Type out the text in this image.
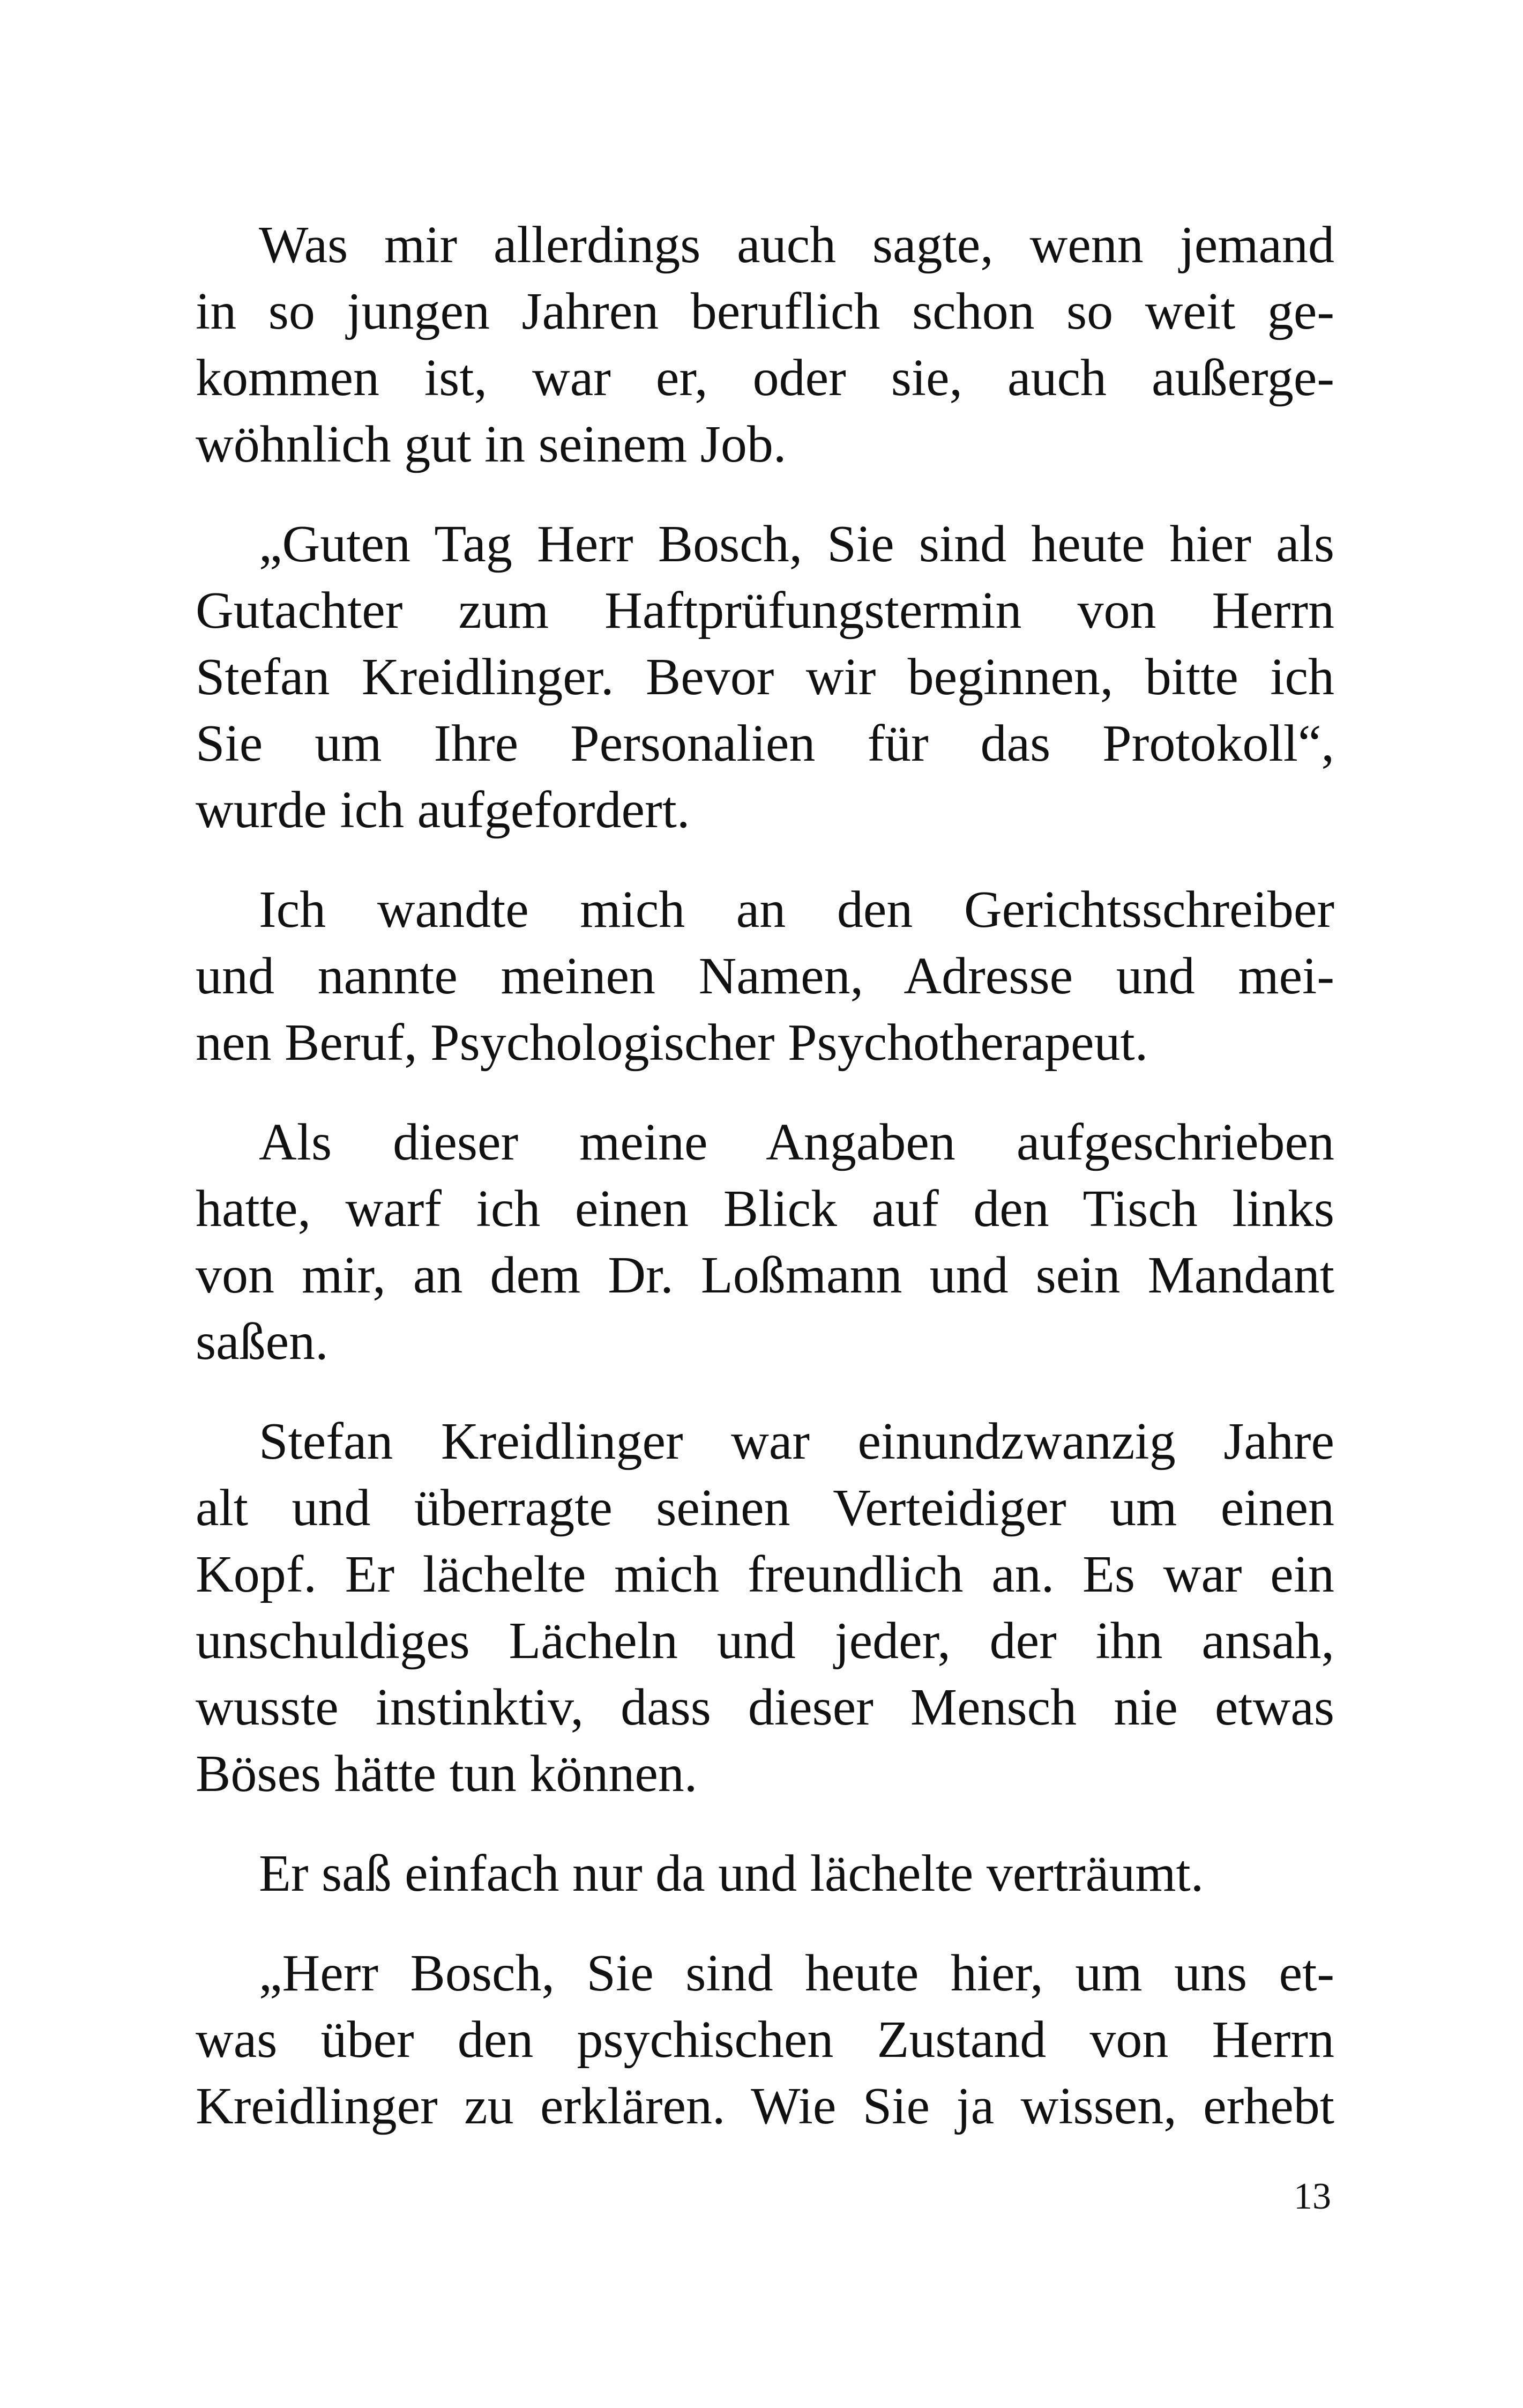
Was mir allerdings auch sagte, wenn jemand
in so jungen Jahren beruflich schon so weit ge-
kommen ist, war er, oder sie, auch außerge-
wöhnlich gut in seinem Job.

„Guten Tag Herr Bosch, Sie sind heute hier als
Gutachter zum Haftprüfungstermin von Herrn
Stefan Kreidlinger. Bevor wir beginnen, bitte ich
Sie um Ihre Personalien für das Protokoll“,
wurde ich aufgefordert.

Ich wandte mich an den Gerichtsschreiber
und nannte meinen Namen, Adresse und mei-
nen Beruf, Psychologischer Psychotherapeut.

Als dieser meine Angaben aufgeschrieben
hatte, warf ich einen Blick auf den Tisch links
von mir, an dem Dr. Loßmann und sein Mandant
saßen.

Stefan Kreidlinger war einundzwanzig Jahre
alt und überragte seinen Verteidiger um einen
Kopf. Er lächelte mich freundlich an. Es war ein
unschuldiges Lächeln und jeder, der ihn ansah,
wusste instinktiv, dass dieser Mensch nie etwas
Böses hätte tun können.

Er saß einfach nur da und lächelte verträumt.

„Herr Bosch, Sie sind heute hier, um uns et-
was über den psychischen Zustand von Herrn
Kreidlinger zu erklären. Wie Sie ja wissen, erhebt

13
